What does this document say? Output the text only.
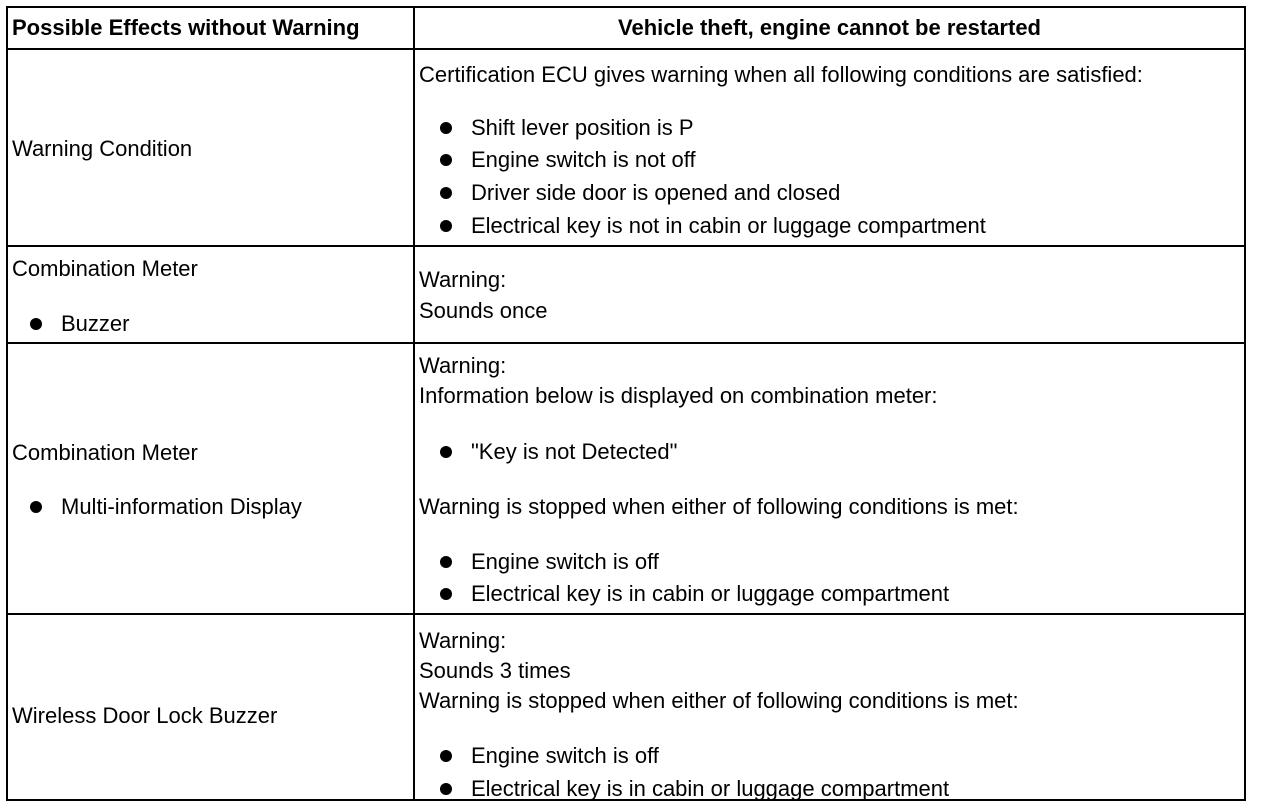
Possible Effects without Warning	Vehicle theft, engine cannot be restarted
Warning Condition
Certification ECU gives warning when all following conditions are satisfied:
Shift lever position is P
Engine switch is not off
Driver side door is opened and closed
Electrical key is not in cabin or luggage compartment
Combination Meter
Buzzer
Warning:
Sounds once
Combination Meter
Multi-information Display
Warning:
Information below is displayed on combination meter:
"Key is not Detected"
Warning is stopped when either of following conditions is met:
Engine switch is off
Electrical key is in cabin or luggage compartment
Wireless Door Lock Buzzer
Warning:
Sounds 3 times
Warning is stopped when either of following conditions is met:
Engine switch is off
Electrical key is in cabin or luggage compartment
